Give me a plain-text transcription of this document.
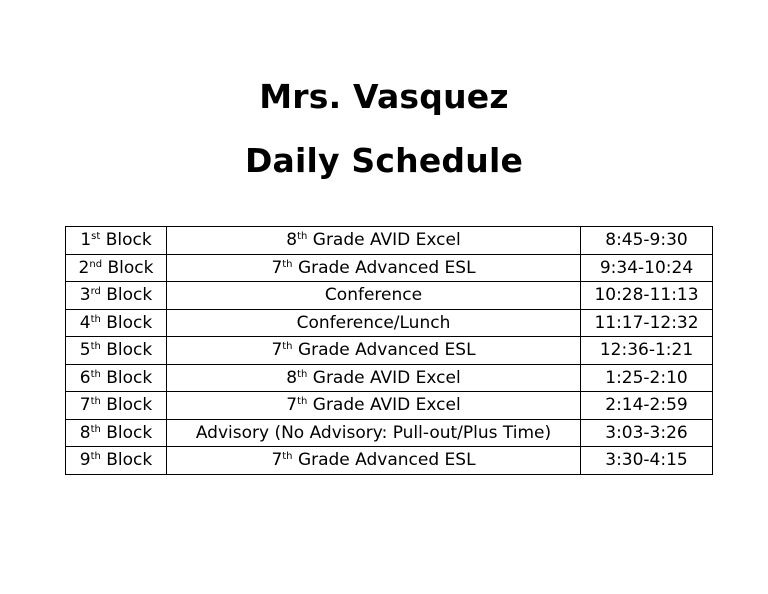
Mrs. Vasquez
Daily Schedule
1st Block	8th Grade AVID Excel	8:45-9:30
2nd Block	7th Grade Advanced ESL	9:34-10:24
3rd Block	Conference	10:28-11:13
4th Block	Conference/Lunch	11:17-12:32
5th Block	7th Grade Advanced ESL	12:36-1:21
6th Block	8th Grade AVID Excel	1:25-2:10
7th Block	7th Grade AVID Excel	2:14-2:59
8th Block	Advisory (No Advisory: Pull-out/Plus Time)	3:03-3:26
9th Block	7th Grade Advanced ESL	3:30-4:15
